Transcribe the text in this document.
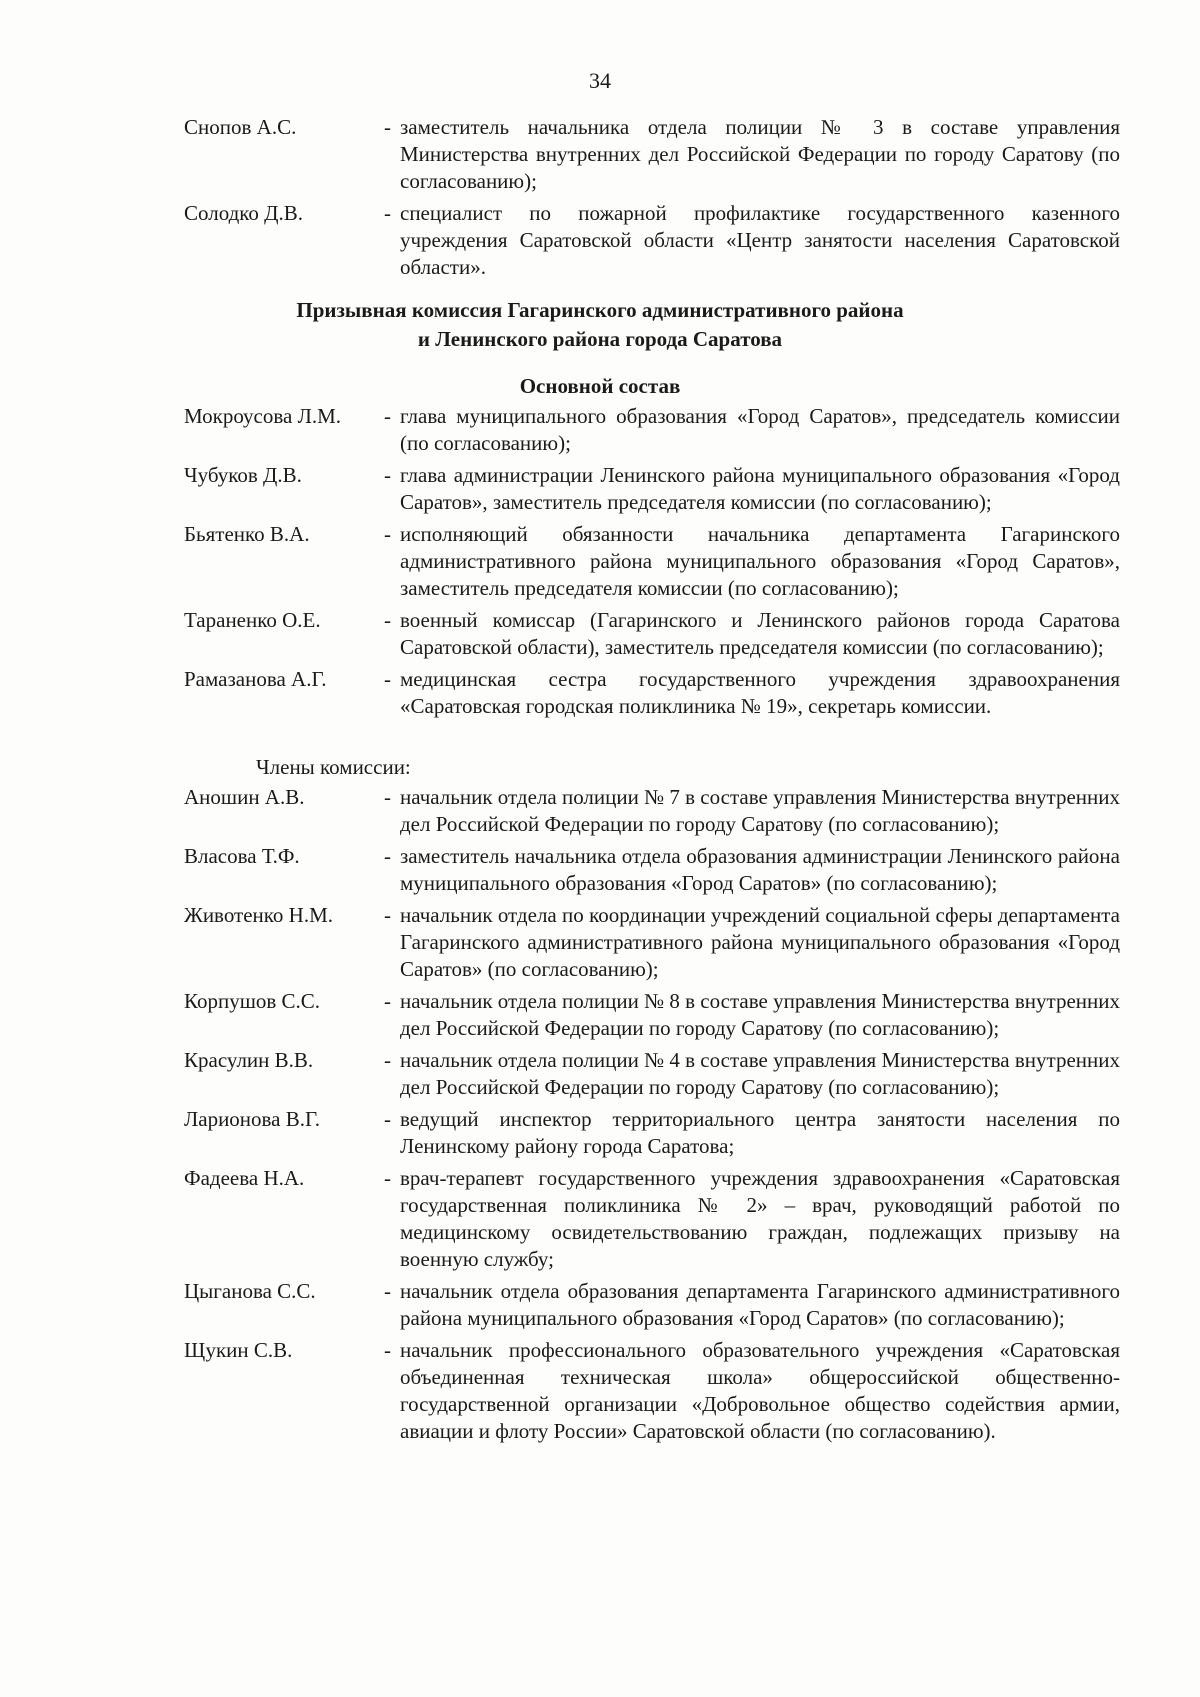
34
Снопов А.С.	- заместитель начальника отдела полиции № 3 в составе управления Министерства внутренних дел Российской Федерации по городу Саратову (по согласованию);
Солодко Д.В.	- специалист по пожарной профилактике государственного казенного учреждения Саратовской области «Центр занятости населения Саратовской области».
Призывная комиссия Гагаринского административного района
и Ленинского района города Саратова
Основной состав
Мокроусова Л.М.	- глава муниципального образования «Город Саратов», председатель комиссии (по согласованию);
Чубуков Д.В.	- глава администрации Ленинского района муниципального образования «Город Саратов», заместитель председателя комиссии (по согласованию);
Бьятенко В.А.	- исполняющий обязанности начальника департамента Гагаринского административного района муниципального образования «Город Саратов», заместитель председателя комиссии (по согласованию);
Тараненко О.Е.	- военный комиссар (Гагаринского и Ленинского районов города Саратова Саратовской области), заместитель председателя комиссии (по согласованию);
Рамазанова А.Г.	- медицинская сестра государственного учреждения здравоохранения «Саратовская городская поликлиника № 19», секретарь комиссии.
Члены комиссии:
Аношин А.В.	- начальник отдела полиции № 7 в составе управления Министерства внутренних дел Российской Федерации по городу Саратову (по согласованию);
Власова Т.Ф.	- заместитель начальника отдела образования администрации Ленинского района муниципального образования «Город Саратов» (по согласованию);
Животенко Н.М.	- начальник отдела по координации учреждений социальной сферы департамента Гагаринского административного района муниципального образования «Город Саратов» (по согласованию);
Корпушов С.С.	- начальник отдела полиции № 8 в составе управления Министерства внутренних дел Российской Федерации по городу Саратову (по согласованию);
Красулин В.В.	- начальник отдела полиции № 4 в составе управления Министерства внутренних дел Российской Федерации по городу Саратову (по согласованию);
Ларионова В.Г.	- ведущий инспектор территориального центра занятости населения по Ленинскому району города Саратова;
Фадеева Н.А.	- врач-терапевт государственного учреждения здравоохранения «Саратовская государственная поликлиника № 2» – врач, руководящий работой по медицинскому освидетельствованию граждан, подлежащих призыву на военную службу;
Цыганова С.С.	- начальник отдела образования департамента Гагаринского административного района муниципального образования «Город Саратов» (по согласованию);
Щукин С.В.	- начальник профессионального образовательного учреждения «Саратовская объединенная техническая школа» общероссийской общественно-государственной организации «Добровольное общество содействия армии, авиации и флоту России» Саратовской области (по согласованию).
